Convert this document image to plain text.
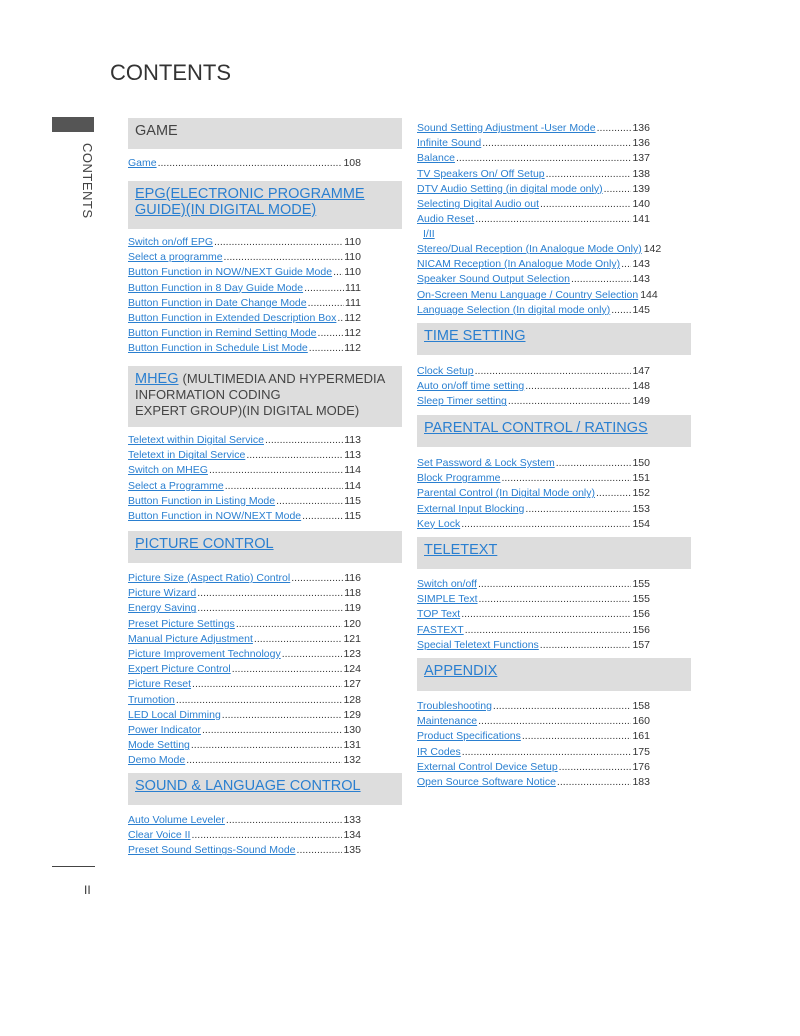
CONTENTS
CONTENTS
II
GAME
Game .....	108
EPG(ELECTRONIC PROGRAMME GUIDE)(IN DIGITAL MODE)
Switch on/off EPG .....	110
Select a programme .....	110
Button Function in NOW/NEXT Guide Mode ..... 110
Button Function in 8 Day Guide Mode .....	111
Button Function in Date Change Mode .....	111
Button Function in Extended Description Box ..... 112
Button Function in Remind Setting Mode .....	112
Button Function in Schedule List Mode .....	112
MHEG (MULTIMEDIA AND HYPERMEDIA INFORMATION CODING
EXPERT GROUP)(IN DIGITAL MODE)
Teletext within Digital Service .....	113
Teletext in Digital Service .....	113
Switch on MHEG .....	114
Select a Programme .....	114
Button Function in Listing Mode .....	115
Button Function in NOW/NEXT Mode .....	115
PICTURE CONTROL
Picture Size (Aspect Ratio) Control .....	116
Picture Wizard .....	118
Energy Saving .....	119
Preset Picture Settings .....	120
Manual Picture Adjustment .....	121
Picture Improvement Technology .....	123
Expert Picture Control .....	124
Picture Reset .....	127
Trumotion .....	128
LED Local Dimming .....	129
Power Indicator .....	130
Mode Setting .....	131
Demo Mode .....	132
SOUND & LANGUAGE CONTROL
Auto Volume Leveler .....	133
Clear Voice II .....	134
Preset Sound Settings-Sound Mode .....	135
Sound Setting Adjustment -User Mode .....	136
Infinite Sound .....	136
Balance .....	137
TV Speakers On/ Off Setup .....	138
DTV Audio Setting (in digital mode only) .....	139
Selecting Digital Audio out .....	140
Audio Reset .....	141
I/II
Stereo/Dual Reception (In Analogue Mode Only) 142
NICAM Reception (In Analogue Mode Only) ..... 143
Speaker Sound Output Selection .....	143
On-Screen Menu Language / Country Selection 144
Language Selection (In digital mode only) ..... 145
TIME SETTING
Clock Setup .....	147
Auto on/off time setting .....	148
Sleep Timer setting .....	149
PARENTAL CONTROL / RATINGS
Set Password & Lock System .....	150
Block Programme .....	151
Parental Control (In Digital Mode only) .....	152
External Input Blocking .....	153
Key Lock .....	154
TELETEXT
Switch on/off .....	155
SIMPLE Text .....	155
TOP Text .....	156
FASTEXT .....	156
Special Teletext Functions .....	157
APPENDIX
Troubleshooting .....	158
Maintenance .....	160
Product Specifications .....	161
IR Codes .....	175
External Control Device Setup .....	176
Open Source Software Notice .....	183
